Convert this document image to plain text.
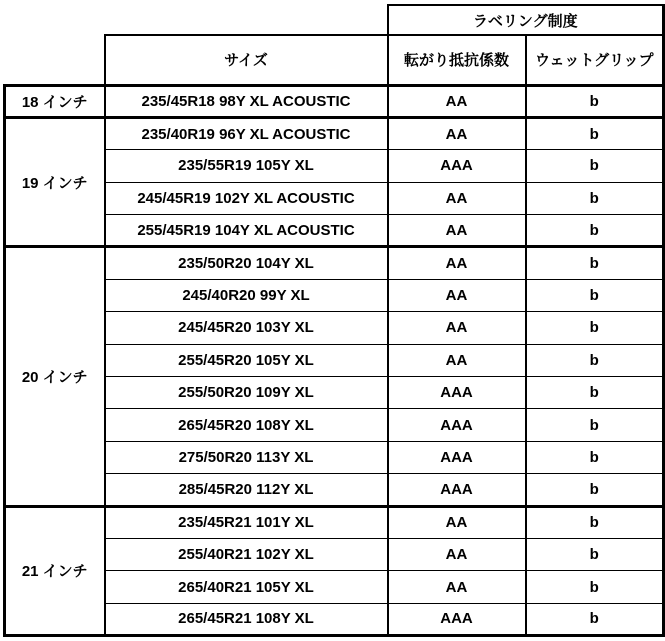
		ラベリング制度	
	サイズ	転がり抵抗係数	ウェットグリップ
18 インチ	235/45R18 98Y XL ACOUSTIC	AA	b
19 インチ	235/40R19 96Y XL ACOUSTIC	AA	b
	235/55R19 105Y XL	AAA	b
	245/45R19 102Y XL ACOUSTIC	AA	b
	255/45R19 104Y XL ACOUSTIC	AA	b
20 インチ	235/50R20 104Y XL	AA	b
	245/40R20 99Y XL	AA	b
	245/45R20 103Y XL	AA	b
	255/45R20 105Y XL	AA	b
	255/50R20 109Y XL	AAA	b
	265/45R20 108Y XL	AAA	b
	275/50R20 113Y XL	AAA	b
	285/45R20 112Y XL	AAA	b
21 インチ	235/45R21 101Y XL	AA	b
	255/40R21 102Y XL	AA	b
	265/40R21 105Y XL	AA	b
	265/45R21 108Y XL	AAA	b
